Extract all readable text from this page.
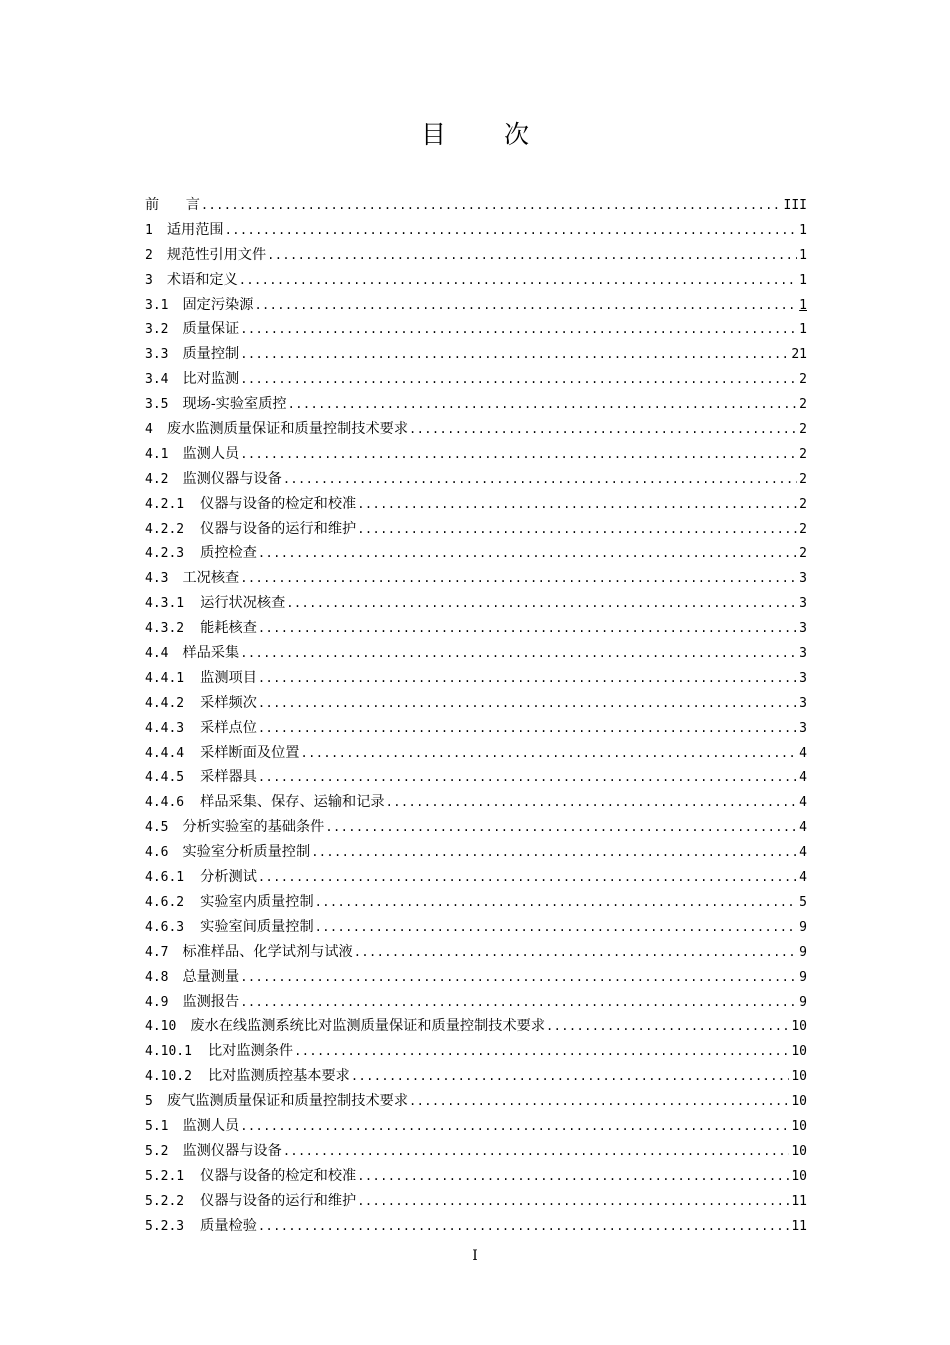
目 次
前 言 .....	III
1 适用范围 .....	1
2 规范性引用文件 .....	1
3 术语和定义 .....	1
3.1 固定污染源 .....	1
3.2 质量保证 .....	1
3.3 质量控制 .....	21
3.4 比对监测 .....	2
3.5 现场-实验室质控 .....	2
4 废水监测质量保证和质量控制技术要求 .....	2
4.1 监测人员 .....	2
4.2 监测仪器与设备 .....	2
4.2.1 仪器与设备的检定和校准 .....	2
4.2.2 仪器与设备的运行和维护 .....	2
4.2.3 质控检查 .....	2
4.3 工况核查 .....	3
4.3.1 运行状况核查 .....	3
4.3.2 能耗核查 .....	3
4.4 样品采集 .....	3
4.4.1 监测项目 .....	3
4.4.2 采样频次 .....	3
4.4.3 采样点位 .....	3
4.4.4 采样断面及位置 .....	4
4.4.5 采样器具 .....	4
4.4.6 样品采集、保存、运输和记录 .....	4
4.5 分析实验室的基础条件 .....	4
4.6 实验室分析质量控制 .....	4
4.6.1 分析测试 .....	4
4.6.2 实验室内质量控制 .....	5
4.6.3 实验室间质量控制 .....	9
4.7 标准样品、化学试剂与试液 .....	9
4.8 总量测量 .....	9
4.9 监测报告 .....	9
4.10 废水在线监测系统比对监测质量保证和质量控制技术要求 .....	10
4.10.1 比对监测条件 .....	10
4.10.2 比对监测质控基本要求 .....	10
5 废气监测质量保证和质量控制技术要求 .....	10
5.1 监测人员 .....	10
5.2 监测仪器与设备 .....	10
5.2.1 仪器与设备的检定和校准 .....	10
5.2.2 仪器与设备的运行和维护 .....	11
5.2.3 质量检验 .....	11
I
